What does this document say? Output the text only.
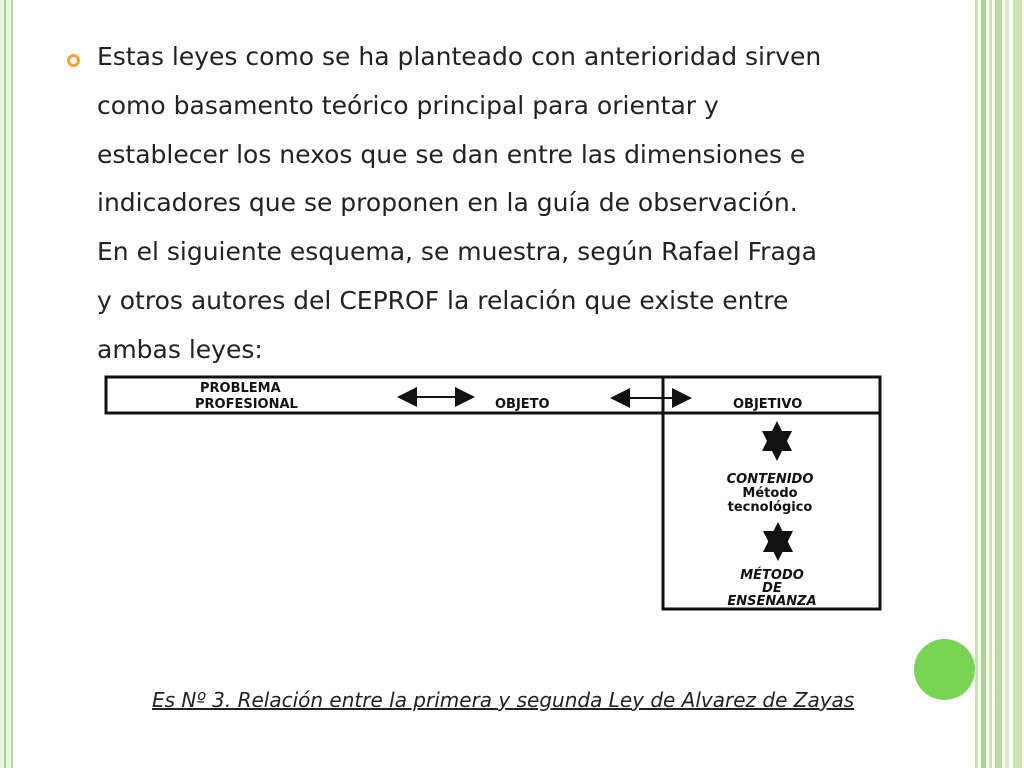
Estas leyes como se ha planteado con anterioridad sirven
como basamento teórico principal para orientar y
establecer los nexos que se dan entre las dimensiones e
indicadores que se proponen en la guía de observación.
En el siguiente esquema, se muestra, según Rafael Fraga
y otros autores del CEPROF la relación que existe entre
ambas leyes:

PROBLEMA
PROFESIONAL	OBJETO	OBJETIVO
CONTENIDO
Método
tecnológico
MÉTODO
DE
ENSENANZA

Es Nº 3. Relación entre la primera y segunda Ley de Alvarez de Zayas
